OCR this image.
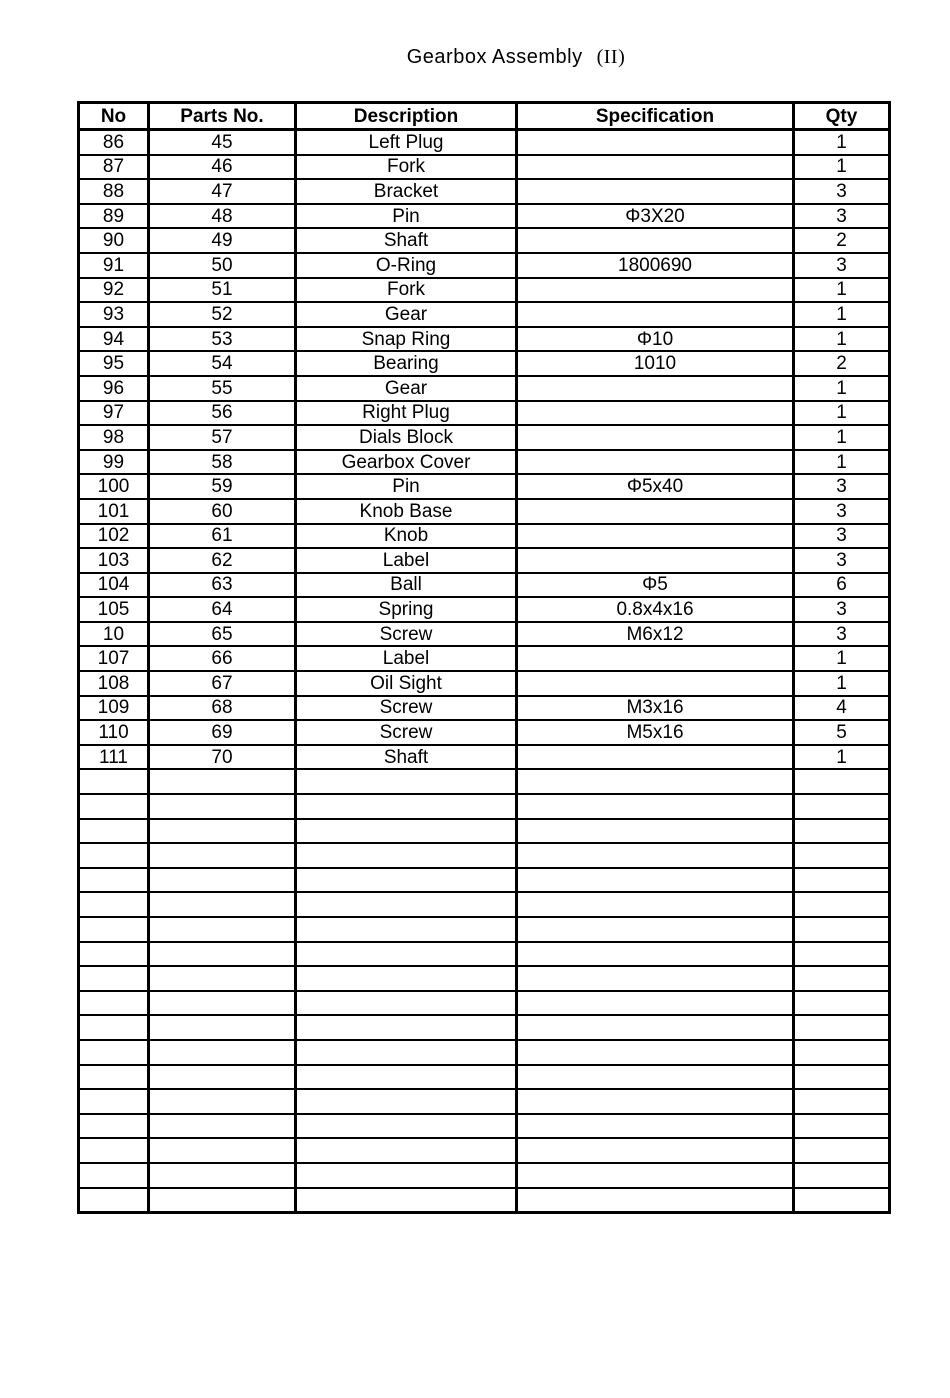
Gearbox Assembly (II)
No	Parts No.	Description	Specification	Qty
86	45	Left Plug		1
87	46	Fork		1
88	47	Bracket		3
89	48	Pin	Φ3X20	3
90	49	Shaft		2
91	50	O-Ring	1800690	3
92	51	Fork		1
93	52	Gear		1
94	53	Snap Ring	Φ10	1
95	54	Bearing	1010	2
96	55	Gear		1
97	56	Right Plug		1
98	57	Dials Block		1
99	58	Gearbox Cover		1
100	59	Pin	Φ5x40	3
101	60	Knob Base		3
102	61	Knob		3
103	62	Label		3
104	63	Ball	Φ5	6
105	64	Spring	0.8x4x16	3
10	65	Screw	M6x12	3
107	66	Label		1
108	67	Oil Sight		1
109	68	Screw	M3x16	4
110	69	Screw	M5x16	5
111	70	Shaft		1
